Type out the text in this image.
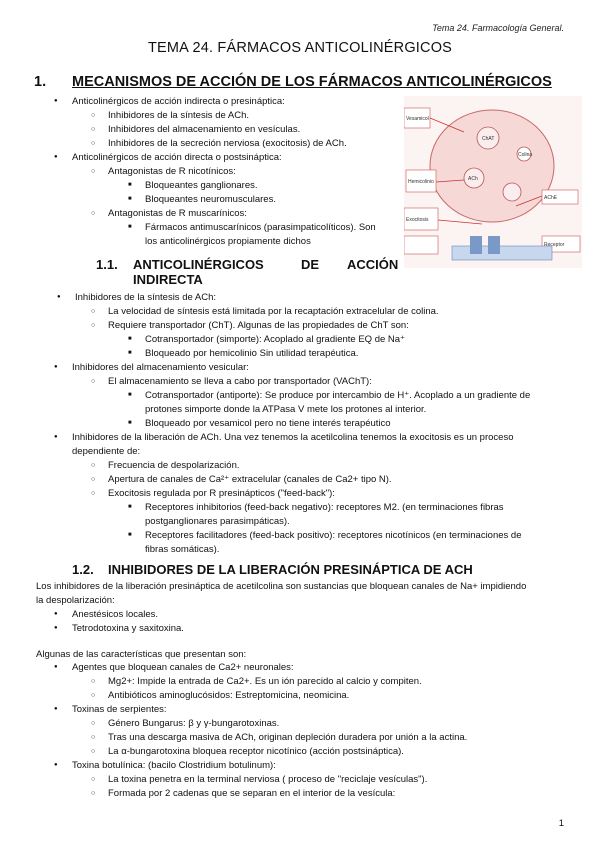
Tema 24. Farmacología General.
TEMA 24. FÁRMACOS ANTICOLINÉRGICOS
1. MECANISMOS DE ACCIÓN DE LOS FÁRMACOS ANTICOLINÉRGICOS
● Anticolinérgicos de acción indirecta o presináptica:
○ Inhibidores de la síntesis de ACh.
○ Inhibidores del almacenamiento en vesículas.
○ Inhibidores de la secreción nerviosa (exocitosis) de ACh.
● Anticolinérgicos de acción directa o postsináptica:
○ Antagonistas de R nicotínicos:
■ Bloqueantes ganglionares.
■ Bloqueantes neuromusculares.
○ Antagonistas de R muscarínicos:
■ Fármacos antimuscarínicos (parasimpaticolíticos). Son
los anticolinérgicos propiamente dichos
Vesamicol
Hemicolinio
Exocitosis
ChAT
ACh
Colina
AChE
Receptor
1.1. ANTICOLINÉRGICOS	DE ACCIÓN
INDIRECTA
● Inhibidores de la síntesis de ACh:
○ La velocidad de síntesis está limitada por la recaptación extracelular de colina.
○ Requiere transportador (ChT). Algunas de las propiedades de ChT son:
■ Cotransportador (simporte): Acoplado al gradiente EQ de Na⁺
■ Bloqueado por hemicolinio Sin utilidad terapéutica.
● Inhibidores del almacenamiento vesicular:
○ El almacenamiento se lleva a cabo por transportador (VAChT):
■ Cotransportador (antiporte): Se produce por intercambio de H⁺. Acoplado a un gradiente de
protones simporte donde la ATPasa V mete los protones al interior.
■ Bloqueado por vesamicol pero no tiene interés terapéutico
● Inhibidores de la liberación de ACh. Una vez tenemos la acetilcolina tenemos la exocitosis es un proceso
dependiente de:
○ Frecuencia de despolarización.
○ Apertura de canales de Ca²⁺ extracelular (canales de Ca2+ tipo N).
○ Exocitosis regulada por R presinápticos ("feed-back"):
■ Receptores inhibitorios (feed-back negativo): receptores M2. (en terminaciones fibras
postganglionares parasimpáticas).
■ Receptores facilitadores (feed-back positivo): receptores nicotínicos (en terminaciones de
fibras somáticas).
1.2. INHIBIDORES DE LA LIBERACIÓN PRESINÁPTICA DE ACH
Los inhibidores de la liberación presináptica de acetilcolina son sustancias que bloquean canales de Na+ impidiendo
la despolarización:
● Anestésicos locales.
● Tetrodotoxina y saxitoxina.
Algunas de las características que presentan son:
● Agentes que bloquean canales de Ca2+ neuronales:
○ Mg2+: Impide la entrada de Ca2+. Es un ión parecido al calcio y compiten.
○ Antibióticos aminoglucósidos: Estreptomicina, neomicina.
● Toxinas de serpientes:
○ Género Bungarus: β y γ-bungarotoxinas.
○ Tras una descarga masiva de ACh, originan depleción duradera por unión a la actina.
○ La α-bungarotoxina bloquea receptor nicotínico (acción postsináptica).
● Toxina botulínica: (bacilo Clostridium botulinum):
○ La toxina penetra en la terminal nerviosa ( proceso de "reciclaje vesículas").
○ Formada por 2 cadenas que se separan en el interior de la vesícula:
1
